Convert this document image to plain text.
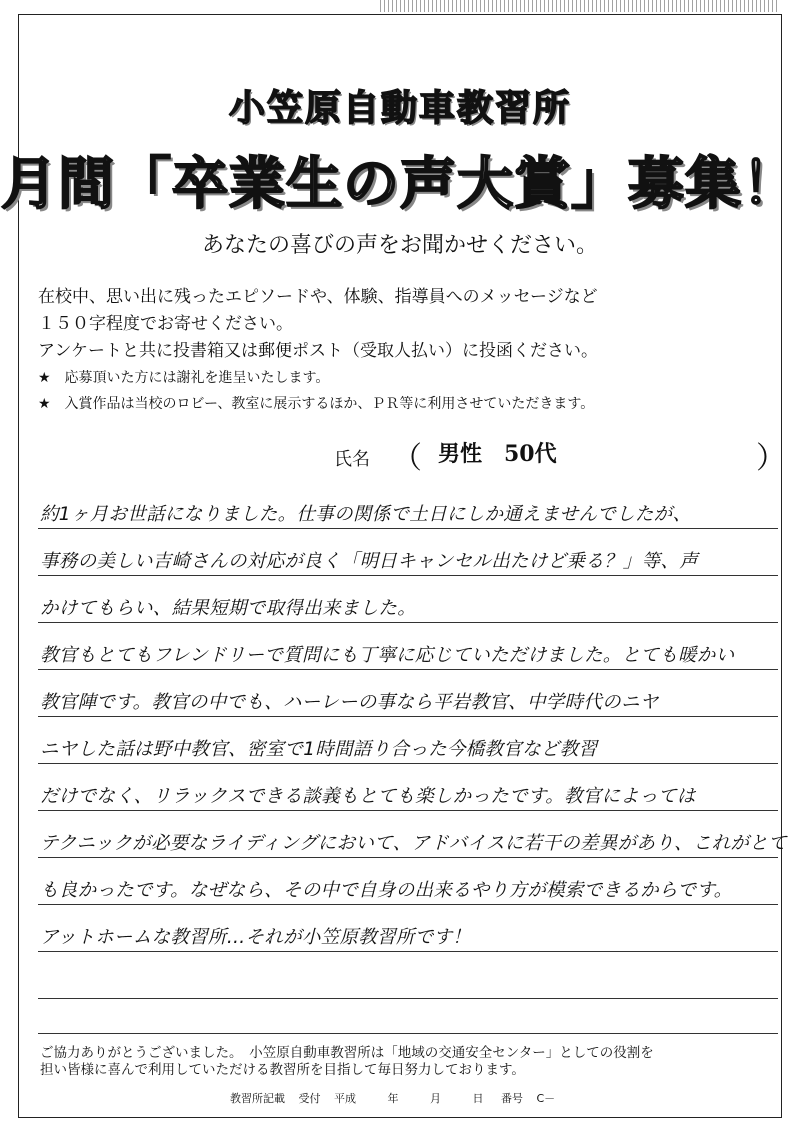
小笠原自動車教習所
月間「卒業生の声大賞」募集！
あなたの喜びの声をお聞かせください。
在校中、思い出に残ったエピソードや、体験、指導員へのメッセージなど
１５０字程度でお寄せください。
アンケートと共に投書箱又は郵便ポスト（受取人払い）に投函ください。
★　応募頂いた方には謝礼を進呈いたします。
★　入賞作品は当校のロビー、教室に展示するほか、ＰＲ等に利用させていただきます。
氏名 （ 男性　50代	）
約1ヶ月お世話になりました。仕事の関係で土日にしか通えませんでしたが、
事務の美しい吉崎さんの対応が良く「明日キャンセル出たけど乗る？」等、声
かけてもらい、結果短期で取得出来ました。
教官もとてもフレンドリーで質問にも丁寧に応じていただけました。とても暖かい
教官陣です。教官の中でも、ハーレーの事なら平岩教官、中学時代のニヤ
ニヤした話は野中教官、密室で1時間語り合った今橋教官など教習
だけでなく、リラックスできる談義もとても楽しかったです。教官によっては
テクニックが必要なライディングにおいて、アドバイスに若干の差異があり、これがとて
も良かったです。なぜなら、その中で自身の出来るやり方が模索できるからです。
アットホームな教習所…それが小笠原教習所です！
ご協力ありがとうございました。　小笠原自動車教習所は「地域の交通安全センター」としての役割を
担い皆様に喜んで利用していただける教習所を目指して毎日努力しております。
教習所記載 受付 平成	年	月	日 番号 C－
